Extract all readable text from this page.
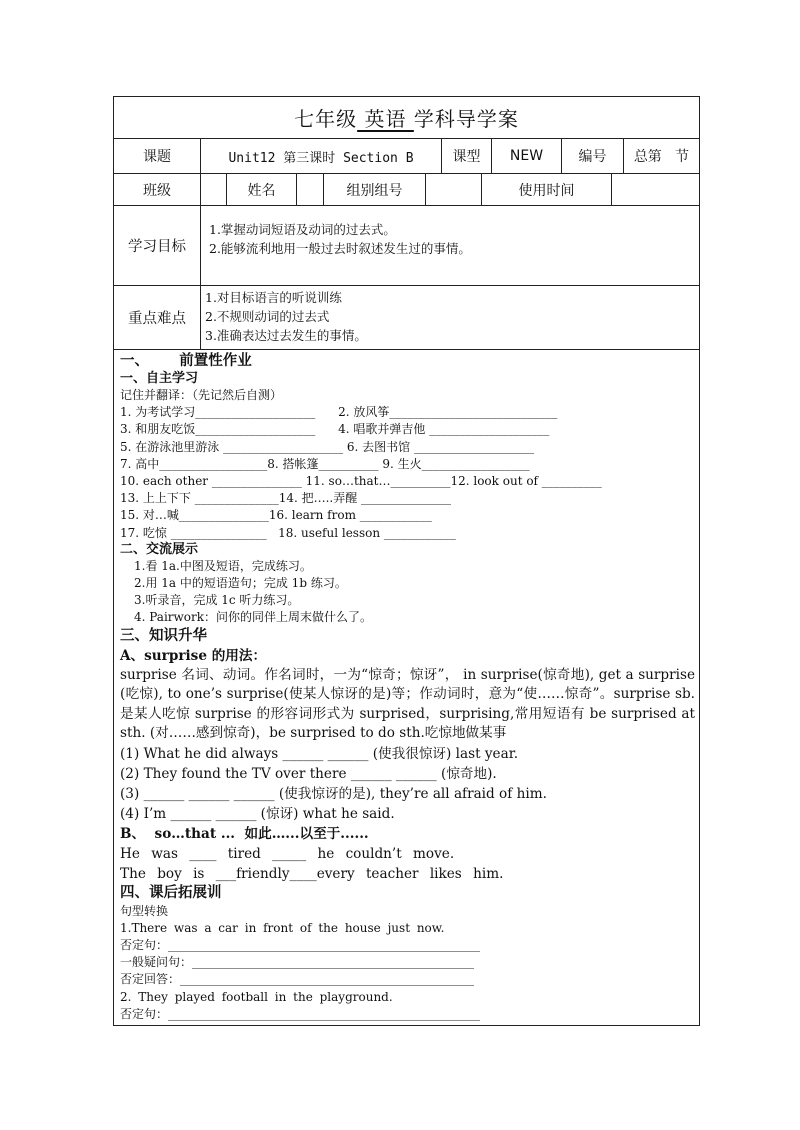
七年级 英语 学科导学案
课题	Unit12 第三课时 Section B	课型	NEW	编号	总第   节
班级	姓名	组别组号	使用时间
学习目标
1.掌握动词短语及动词的过去式。
2.能够流利地用一般过去时叙述发生过的事情。
重点难点
1.对目标语言的听说训练
2.不规则动词的过去式
3.准确表达过去发生的事情。
一、      前置性作业
一、自主学习
记住并翻译：（先记然后自测）
1. 为考试学习____________________      2. 放风筝____________________________
3. 和朋友吃饭____________________      4. 唱歌并弹吉他 ____________________
5. 在游泳池里游泳 ____________________ 6. 去图书馆 ____________________
7. 高中__________________8. 搭帐篷__________ 9. 生火__________________
10. each other _______________ 11. so…that…__________12. look out of __________
13. 上上下下 ______________14. 把…..弄醒 _______________
15. 对…喊_______________16. learn from ____________
17. 吃惊 ________________   18. useful lesson ____________
二、交流展示
1.看 1a.中图及短语，完成练习。
2.用 1a 中的短语造句；完成 1b 练习。
3.听录音，完成 1c 听力练习。
4. Pairwork：问你的同伴上周末做什么了。
三、知识升华
A、surprise 的用法：
surprise 名词、动词。作名词时，一为“惊奇；惊讶”， in surprise(惊奇地), get a surprise (吃惊), to one’s surprise(使某人惊讶的是)等；作动词时，意为“使……惊奇”。surprise sb. 是某人吃惊 surprise 的形容词形式为 surprised，surprising,常用短语有 be surprised at sth. (对……感到惊奇)，be surprised to do sth.吃惊地做某事
(1) What he did always ______ ______ (使我很惊讶) last year.
(2) They found the TV over there ______ ______ (惊奇地).
(3) ______ ______ ______ (使我惊讶的是), they’re all afraid of him.
(4) I’m ______ ______ (惊讶) what he said.
B、  so…that ...  如此…...以至于......
He was ____ tired _____ he couldn’t move.
The boy is ___friendly____every teacher likes him.
四、课后拓展训
句型转换
1.There was a car in front of the house just now.
否定句：____________________________________________________
一般疑问句：_______________________________________________
否定回答：_________________________________________________
2. They played football in the playground.
否定句：____________________________________________________
